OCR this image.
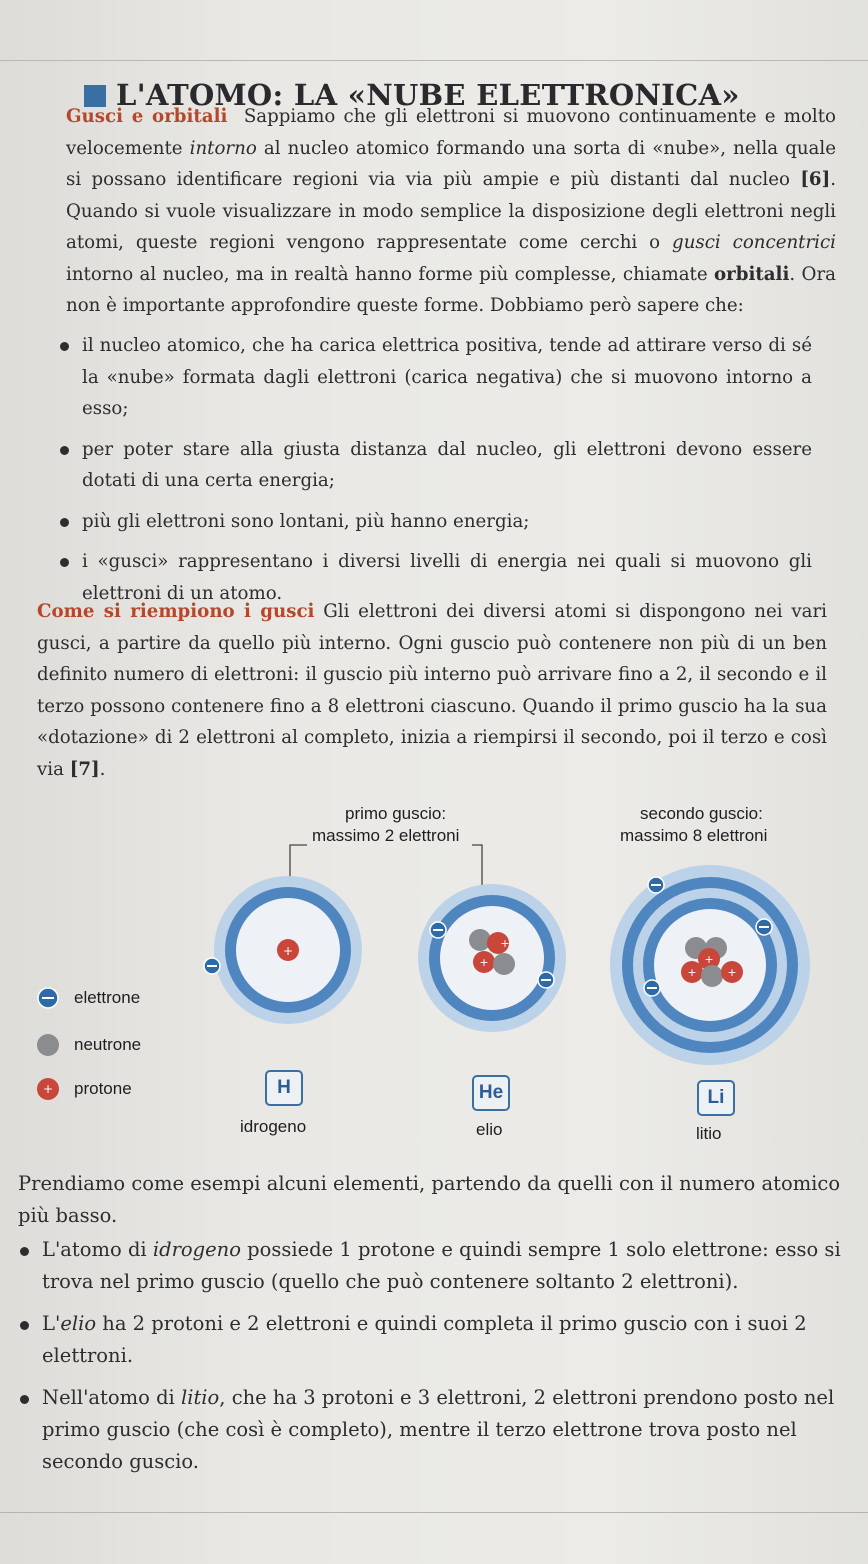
L'ATOMO: LA «NUBE ELETTRONICA»
Gusci e orbitali Sappiamo che gli elettroni si muovono continuamente e molto velocemente intorno al nucleo atomico formando una sorta di «nube», nella quale si possano identificare regioni via via più ampie e più distanti dal nucleo [6]. Quando si vuole visualizzare in modo semplice la disposizione degli elettroni negli atomi, queste regioni vengono rappresentate come cerchi o gusci concentrici intorno al nucleo, ma in realtà hanno forme più complesse, chiamate orbitali. Ora non è importante approfondire queste forme. Dobbiamo però sapere che:
il nucleo atomico, che ha carica elettrica positiva, tende ad attirare verso di sé la «nube» formata dagli elettroni (carica negativa) che si muovono intorno a esso;
per poter stare alla giusta distanza dal nucleo, gli elettroni devono essere dotati di una certa energia;
più gli elettroni sono lontani, più hanno energia;
i «gusci» rappresentano i diversi livelli di energia nei quali si muovono gli elettroni di un atomo.
Come si riempiono i gusci Gli elettroni dei diversi atomi si dispongono nei vari gusci, a partire da quello più interno. Ogni guscio può contenere non più di un ben definito numero di elettroni: il guscio più interno può arrivare fino a 2, il secondo e il terzo possono contenere fino a 8 elettroni ciascuno. Quando il primo guscio ha la sua «dotazione» di 2 elettroni al completo, inizia a riempirsi il secondo, poi il terzo e così via [7].
primo guscio:
massimo 2 elettroni
secondo guscio:
massimo 8 elettroni
+
+
+	+
+	+
elettrone
neutrone
+ protone	H	He	Li
idrogeno	elio	litio
Prendiamo come esempi alcuni elementi, partendo da quelli con il numero atomico più basso.
L'atomo di idrogeno possiede 1 protone e quindi sempre 1 solo elettrone: esso si trova nel primo guscio (quello che può contenere soltanto 2 elettroni).
L'elio ha 2 protoni e 2 elettroni e quindi completa il primo guscio con i suoi 2 elettroni.
Nell'atomo di litio, che ha 3 protoni e 3 elettroni, 2 elettroni prendono posto nel primo guscio (che così è completo), mentre il terzo elettrone trova posto nel secondo guscio.
